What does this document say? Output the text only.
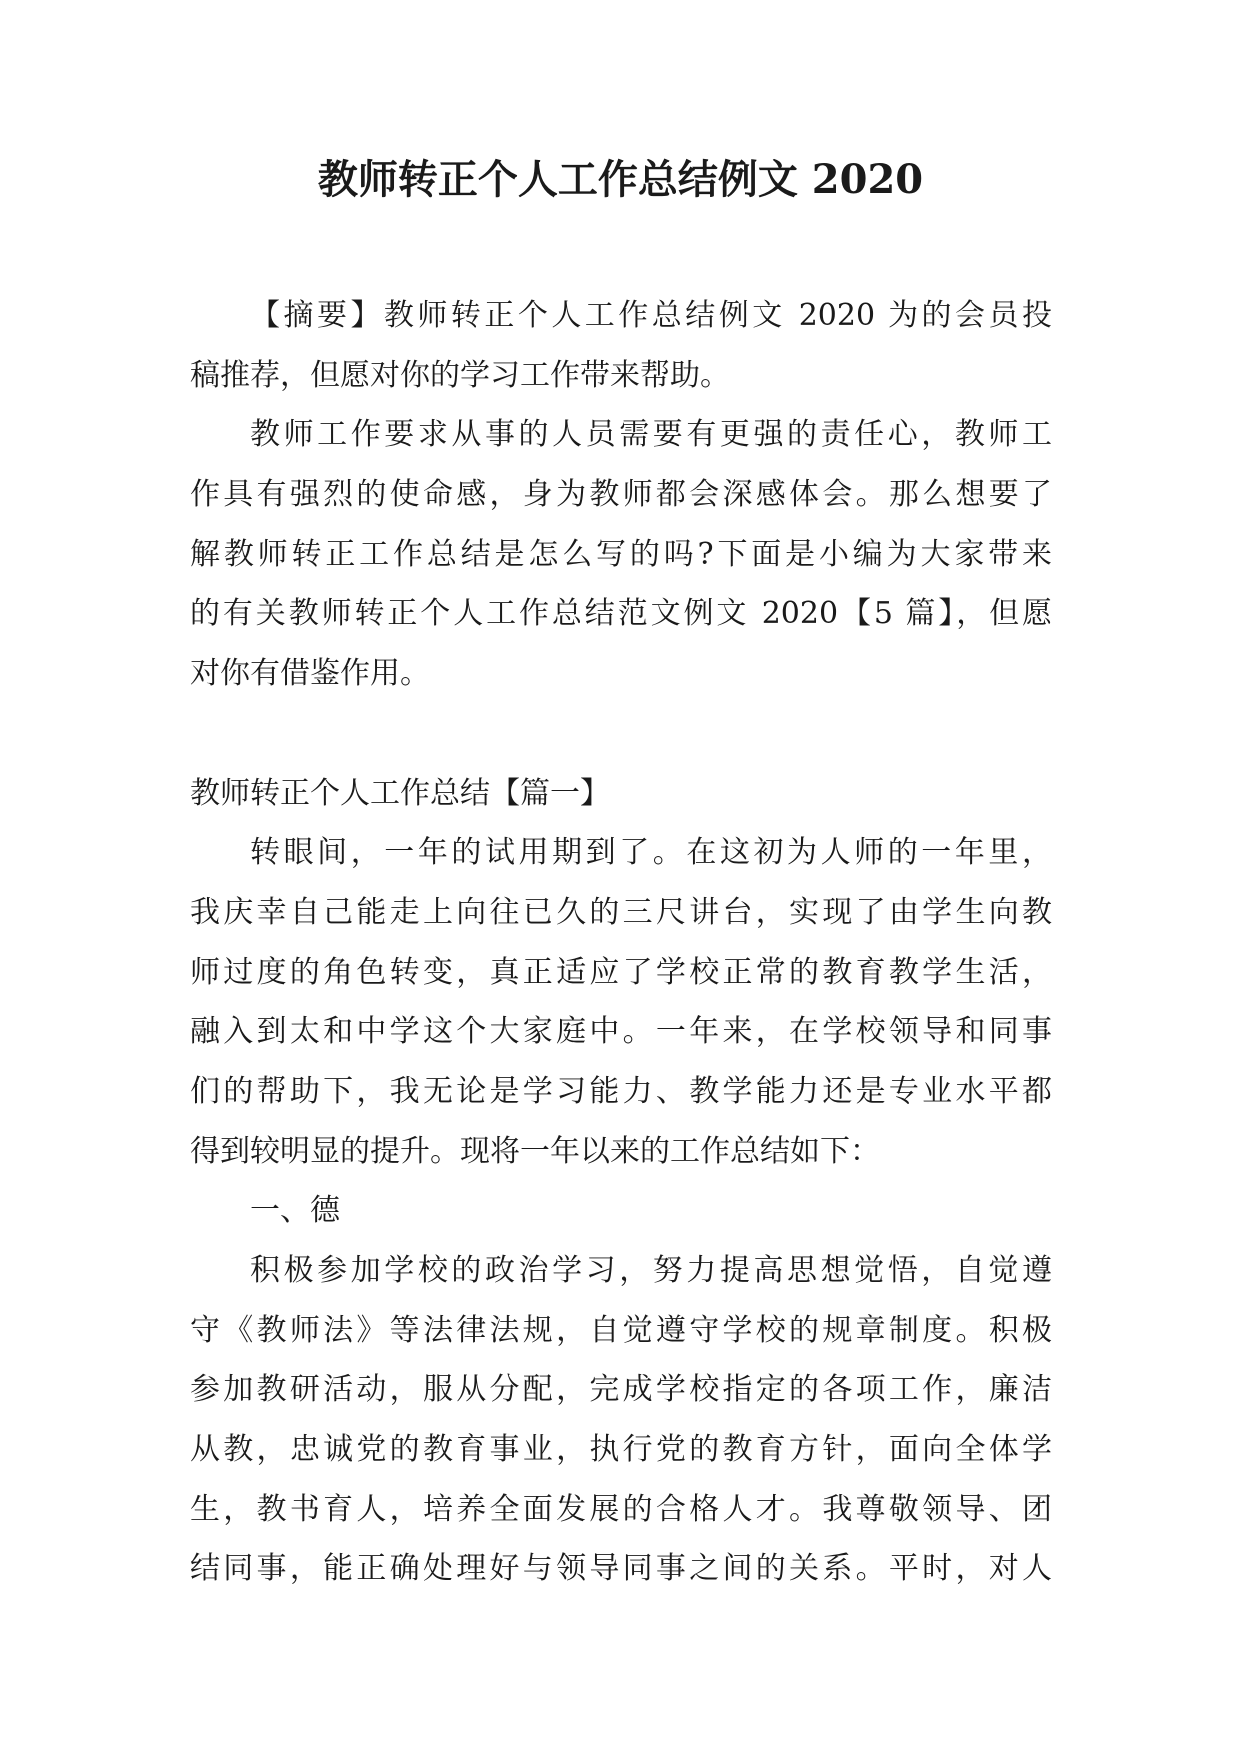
教师转正个人工作总结例文 2020
【摘要】教师转正个人工作总结例文 2020 为的会员投
稿推荐，但愿对你的学习工作带来帮助。
教师工作要求从事的人员需要有更强的责任心，教师工
作具有强烈的使命感，身为教师都会深感体会。那么想要了
解教师转正工作总结是怎么写的吗?下面是小编为大家带来
的有关教师转正个人工作总结范文例文 2020【5 篇】，但愿
对你有借鉴作用。
教师转正个人工作总结【篇一】
转眼间，一年的试用期到了。在这初为人师的一年里，
我庆幸自己能走上向往已久的三尺讲台，实现了由学生向教
师过度的角色转变，真正适应了学校正常的教育教学生活，
融入到太和中学这个大家庭中。一年来，在学校领导和同事
们的帮助下，我无论是学习能力、教学能力还是专业水平都
得到较明显的提升。现将一年以来的工作总结如下：
一、德
积极参加学校的政治学习，努力提高思想觉悟，自觉遵
守《教师法》等法律法规，自觉遵守学校的规章制度。积极
参加教研活动，服从分配，完成学校指定的各项工作，廉洁
从教，忠诚党的教育事业，执行党的教育方针，面向全体学
生，教书育人，培养全面发展的合格人才。我尊敬领导、团
结同事，能正确处理好与领导同事之间的关系。平时，对人
